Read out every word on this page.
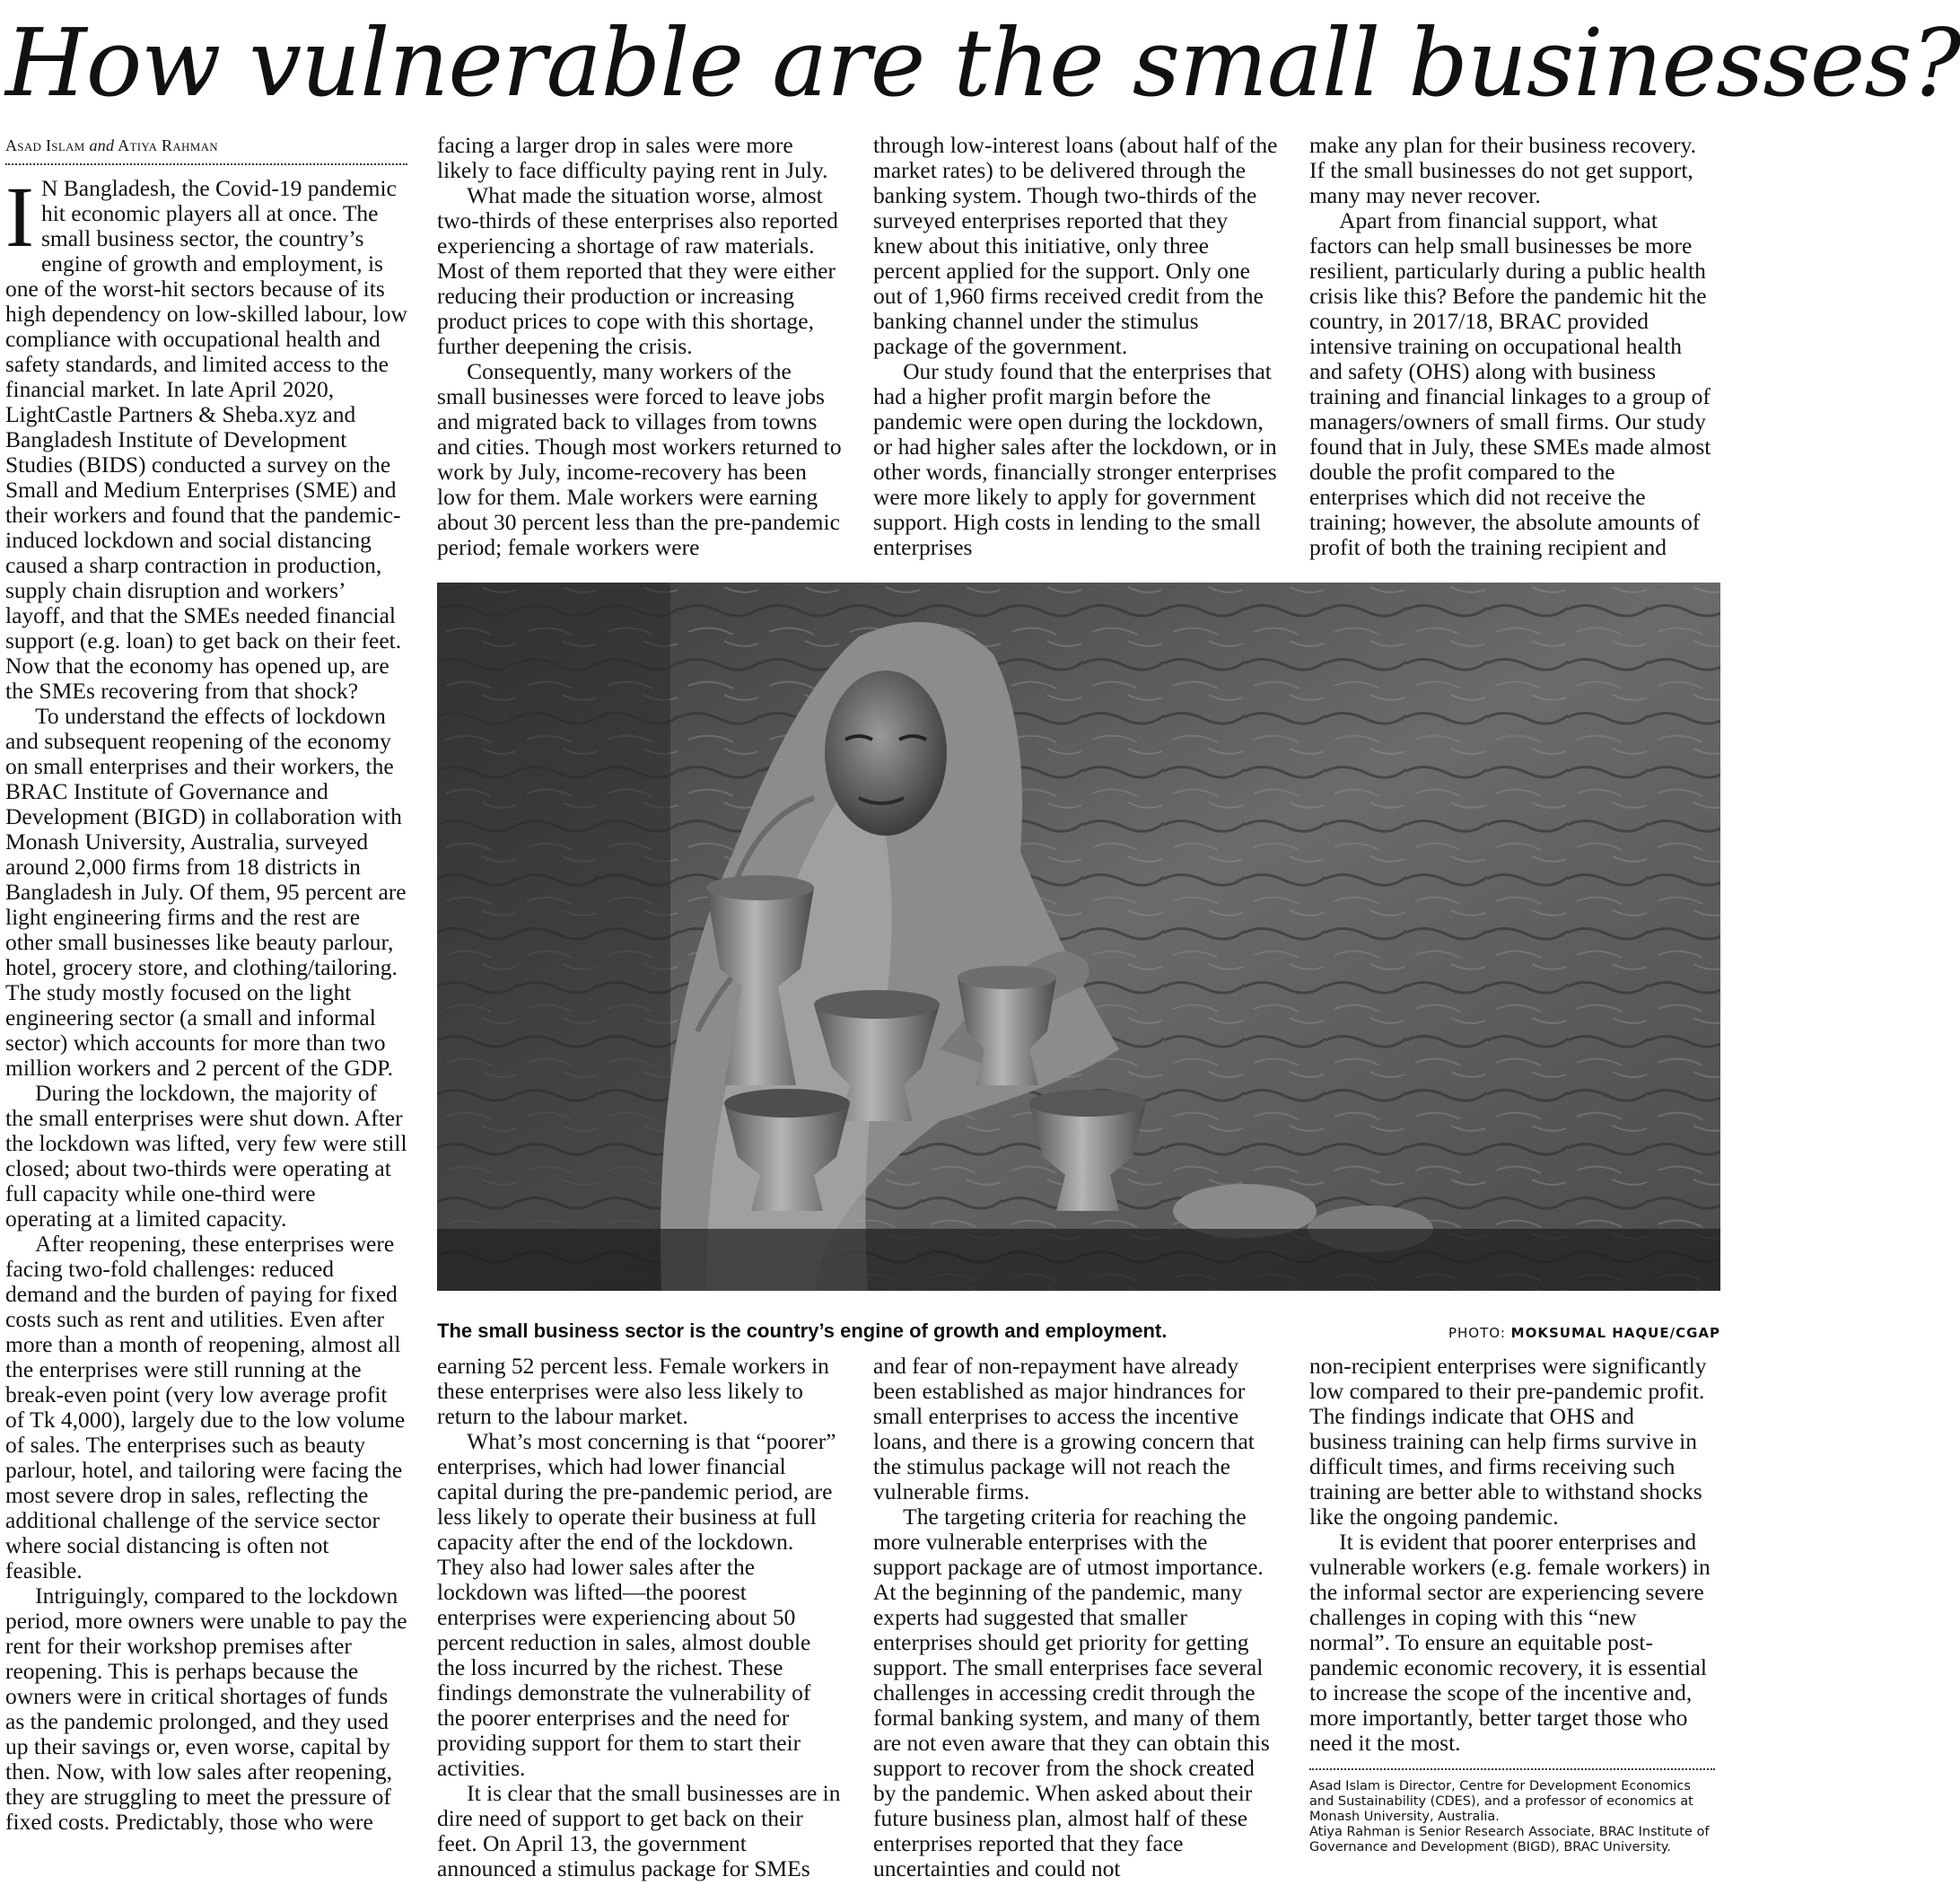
How vulnerable are the small businesses?
Asad Islam and Atiya Rahman

I N Bangladesh, the Covid-19 pandemic hit economic players all at once. The small business sector, the country’s engine of growth and employment, is one of the worst-hit sectors because of its high dependency on low-skilled labour, low compliance with occupational health and safety standards, and limited access to the financial market. In late April 2020, LightCastle Partners & Sheba.xyz and Bangladesh Institute of Development Studies (BIDS) conducted a survey on the Small and Medium Enterprises (SME) and their workers and found that the pandemic-induced lockdown and social distancing caused a sharp contraction in production, supply chain disruption and workers’ layoff, and that the SMEs needed financial support (e.g. loan) to get back on their feet. Now that the economy has opened up, are the SMEs recovering from that shock?

To understand the effects of lockdown and subsequent reopening of the economy on small enterprises and their workers, the BRAC Institute of Governance and Development (BIGD) in collaboration with Monash University, Australia, surveyed around 2,000 firms from 18 districts in Bangladesh in July. Of them, 95 percent are light engineering firms and the rest are other small businesses like beauty parlour, hotel, grocery store, and clothing/tailoring. The study mostly focused on the light engineering sector (a small and informal sector) which accounts for more than two million workers and 2 percent of the GDP.

During the lockdown, the majority of the small enterprises were shut down. After the lockdown was lifted, very few were still closed; about two-thirds were operating at full capacity while one-third were operating at a limited capacity.

After reopening, these enterprises were facing two-fold challenges: reduced demand and the burden of paying for fixed costs such as rent and utilities. Even after more than a month of reopening, almost all the enterprises were still running at the break-even point (very low average profit of Tk 4,000), largely due to the low volume of sales. The enterprises such as beauty parlour, hotel, and tailoring were facing the most severe drop in sales, reflecting the additional challenge of the service sector where social distancing is often not feasible.

Intriguingly, compared to the lockdown period, more owners were unable to pay the rent for their workshop premises after reopening. This is perhaps because the owners were in critical shortages of funds as the pandemic prolonged, and they used up their savings or, even worse, capital by then. Now, with low sales after reopening, they are struggling to meet the pressure of fixed costs. Predictably, those who were

facing a larger drop in sales were more likely to face difficulty paying rent in July.

What made the situation worse, almost two-thirds of these enterprises also reported experiencing a shortage of raw materials. Most of them reported that they were either reducing their production or increasing product prices to cope with this shortage, further deepening the crisis.

Consequently, many workers of the small businesses were forced to leave jobs and migrated back to villages from towns and cities. Though most workers returned to work by July, income-recovery has been low for them. Male workers were earning about 30 percent less than the pre-pandemic period; female workers were

through low-interest loans (about half of the market rates) to be delivered through the banking system. Though two-thirds of the surveyed enterprises reported that they knew about this initiative, only three percent applied for the support. Only one out of 1,960 firms received credit from the banking channel under the stimulus package of the government.

Our study found that the enterprises that had a higher profit margin before the pandemic were open during the lockdown, or had higher sales after the lockdown, or in other words, financially stronger enterprises were more likely to apply for government support. High costs in lending to the small enterprises

make any plan for their business recovery. If the small businesses do not get support, many may never recover.

Apart from financial support, what factors can help small businesses be more resilient, particularly during a public health crisis like this? Before the pandemic hit the country, in 2017/18, BRAC provided intensive training on occupational health and safety (OHS) along with business training and financial linkages to a group of managers/owners of small firms. Our study found that in July, these SMEs made almost double the profit compared to the enterprises which did not receive the training; however, the absolute amounts of profit of both the training recipient and

The small business sector is the country’s engine of growth and employment.	PHOTO: MOKSUMAL HAQUE/CGAP

earning 52 percent less. Female workers in these enterprises were also less likely to return to the labour market.

What’s most concerning is that “poorer” enterprises, which had lower financial capital during the pre-pandemic period, are less likely to operate their business at full capacity after the end of the lockdown. They also had lower sales after the lockdown was lifted—the poorest enterprises were experiencing about 50 percent reduction in sales, almost double the loss incurred by the richest. These findings demonstrate the vulnerability of the poorer enterprises and the need for providing support for them to start their activities.

It is clear that the small businesses are in dire need of support to get back on their feet. On April 13, the government announced a stimulus package for SMEs

and fear of non-repayment have already been established as major hindrances for small enterprises to access the incentive loans, and there is a growing concern that the stimulus package will not reach the vulnerable firms.

The targeting criteria for reaching the more vulnerable enterprises with the support package are of utmost importance. At the beginning of the pandemic, many experts had suggested that smaller enterprises should get priority for getting support. The small enterprises face several challenges in accessing credit through the formal banking system, and many of them are not even aware that they can obtain this support to recover from the shock created by the pandemic. When asked about their future business plan, almost half of these enterprises reported that they face uncertainties and could not

non-recipient enterprises were significantly low compared to their pre-pandemic profit. The findings indicate that OHS and business training can help firms survive in difficult times, and firms receiving such training are better able to withstand shocks like the ongoing pandemic.

It is evident that poorer enterprises and vulnerable workers (e.g. female workers) in the informal sector are experiencing severe challenges in coping with this “new normal”. To ensure an equitable post-pandemic economic recovery, it is essential to increase the scope of the incentive and, more importantly, better target those who need it the most.

Asad Islam is Director, Centre for Development Economics and Sustainability (CDES), and a professor of economics at Monash University, Australia.
Atiya Rahman is Senior Research Associate, BRAC Institute of Governance and Development (BIGD), BRAC University.
